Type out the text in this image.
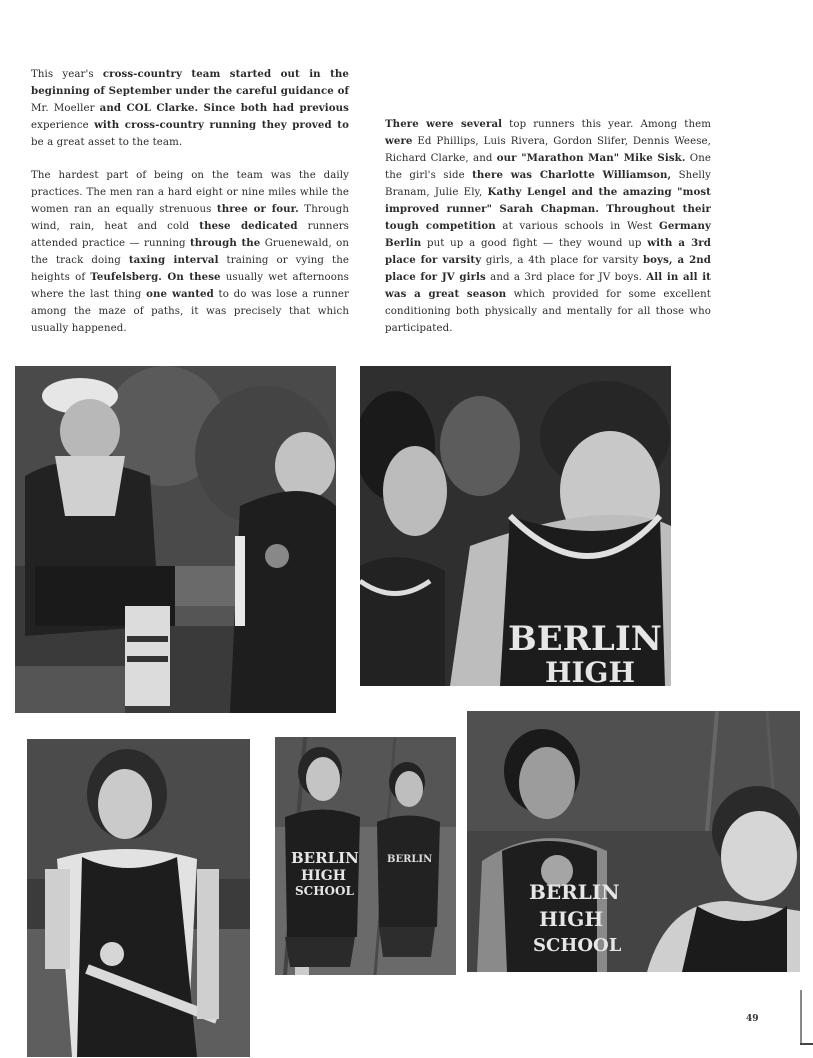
This year's cross-country team started out in the beginning of September under the careful guidance of Mr. Moeller and COL Clarke. Since both had previous experience with cross-country running they proved to be a great asset to the team.

The hardest part of being on the team was the daily practices. The men ran a hard eight or nine miles while the women ran an equally strenuous three or four. Through wind, rain, heat and cold these dedicated runners attended practice — running through the Gruenewald, on the track doing taxing interval training or vying the heights of Teufelsberg. On these usually wet afternoons where the last thing one wanted to do was lose a runner among the maze of paths, it was precisely that which usually happened.

There were several top runners this year. Among them were Ed Phillips, Luis Rivera, Gordon Slifer, Dennis Weese, Richard Clarke, and our "Marathon Man" Mike Sisk. One the girl's side there was Charlotte Williamson, Shelly Branam, Julie Ely, Kathy Lengel and the amazing "most improved runner" Sarah Chapman. Throughout their tough competition at various schools in West Germany Berlin put up a good fight — they wound up with a 3rd place for varsity girls, a 4th place for varsity boys, a 2nd place for JV girls and a 3rd place for JV boys. All in all it was a great season which provided for some excellent conditioning both physically and mentally for all those who participated.

BERLIN
HIGH
BERLIN
HIGH
SCHOOL
BERLIN
BERLIN
HIGH
SCHOOL
49
